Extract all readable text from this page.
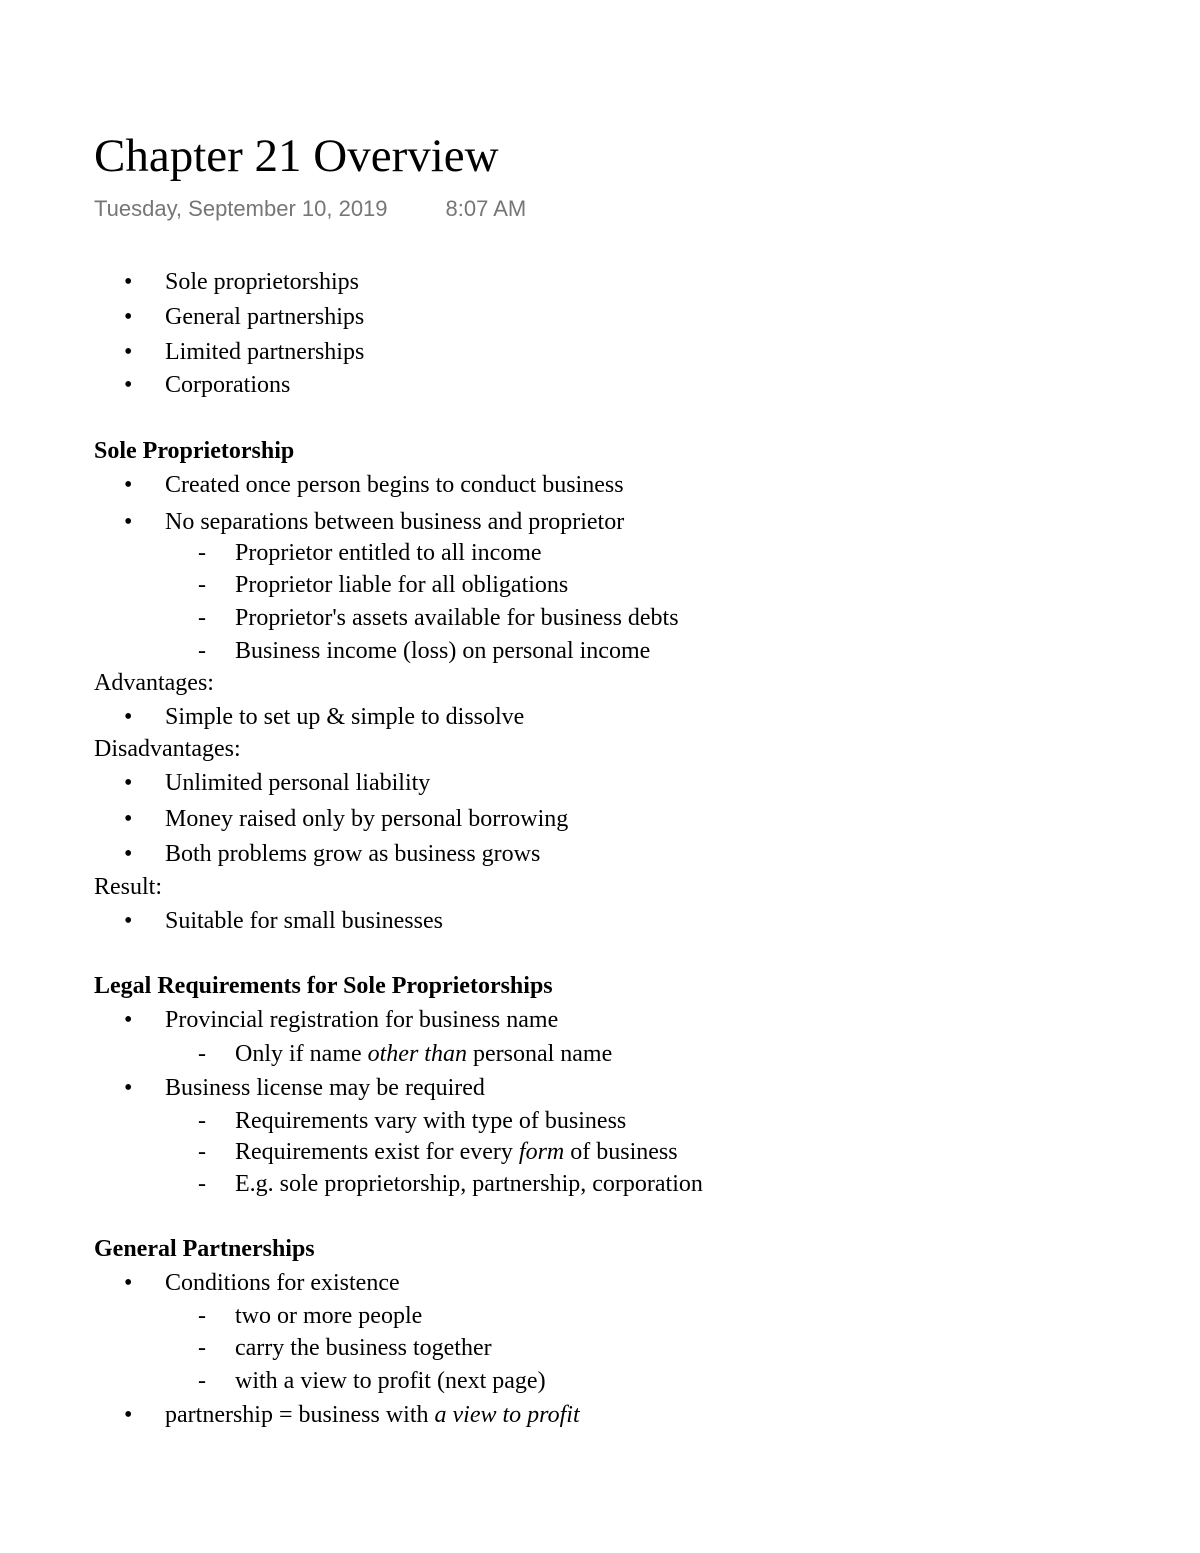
Chapter 21 Overview
Tuesday, September 10, 2019	8:07 AM
• Sole proprietorships
• General partnerships
• Limited partnerships
• Corporations
Sole Proprietorship
• Created once person begins to conduct business
• No separations between business and proprietor
- Proprietor entitled to all income
- Proprietor liable for all obligations
- Proprietor's assets available for business debts
- Business income (loss) on personal income
Advantages:
• Simple to set up & simple to dissolve
Disadvantages:
• Unlimited personal liability
• Money raised only by personal borrowing
• Both problems grow as business grows
Result:
• Suitable for small businesses
Legal Requirements for Sole Proprietorships
• Provincial registration for business name
- Only if name other than personal name
• Business license may be required
- Requirements vary with type of business
- Requirements exist for every form of business
- E.g. sole proprietorship, partnership, corporation
General Partnerships
• Conditions for existence
- two or more people
- carry the business together
- with a view to profit (next page)
• partnership = business with a view to profit
